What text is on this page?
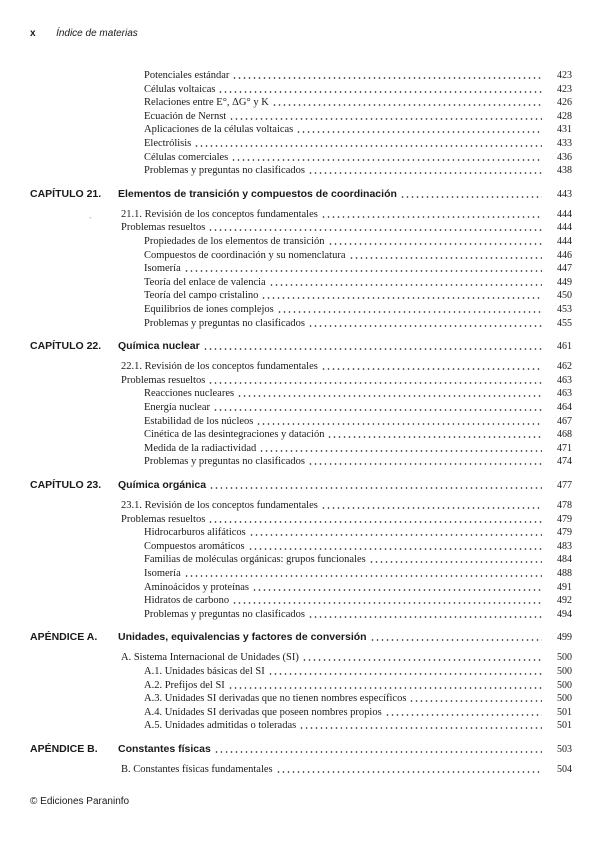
x Índice de materias
`
Potenciales estándar	423
Células voltaicas	423
Relaciones entre E°, ΔG° y K	426
Ecuación de Nernst	428
Aplicaciones de la células voltaicas	431
Electrólisis	433
Células comerciales	436
Problemas y preguntas no clasificados	438
CAPÍTULO 21. Elementos de transición y compuestos de coordinación	443
21.1. Revisión de los conceptos fundamentales	444
Problemas resueltos	444
Propiedades de los elementos de transición	444
Compuestos de coordinación y su nomenclatura	446
Isomería	447
Teoría del enlace de valencia	449
Teoría del campo cristalino	450
Equilibrios de iones complejos	453
Problemas y preguntas no clasificados	455
CAPÍTULO 22. Química nuclear	461
22.1. Revisión de los conceptos fundamentales	462
Problemas resueltos	463
Reacciones nucleares	463
Energía nuclear	464
Estabilidad de los núcleos	467
Cinética de las desintegraciones y datación	468
Medida de la radiactividad	471
Problemas y preguntas no clasificados	474
CAPÍTULO 23. Química orgánica	477
23.1. Revisión de los conceptos fundamentales	478
Problemas resueltos	479
Hidrocarburos alifáticos	479
Compuestos aromáticos	483
Familias de moléculas orgánicas: grupos funcionales	484
Isomería	488
Aminoácidos y proteínas	491
Hidratos de carbono	492
Problemas y preguntas no clasificados	494
APÉNDICE A. Unidades, equivalencias y factores de conversión	499
A. Sistema Internacional de Unidades (SI)	500
A.1. Unidades básicas del SI	500
A.2. Prefijos del SI	500
A.3. Unidades SI derivadas que no tienen nombres específicos	500
A.4. Unidades SI derivadas que poseen nombres propios	501
A.5. Unidades admitidas o toleradas	501
APÉNDICE B. Constantes físicas	503
B. Constantes físicas fundamentales	504
© Ediciones Paraninfo
